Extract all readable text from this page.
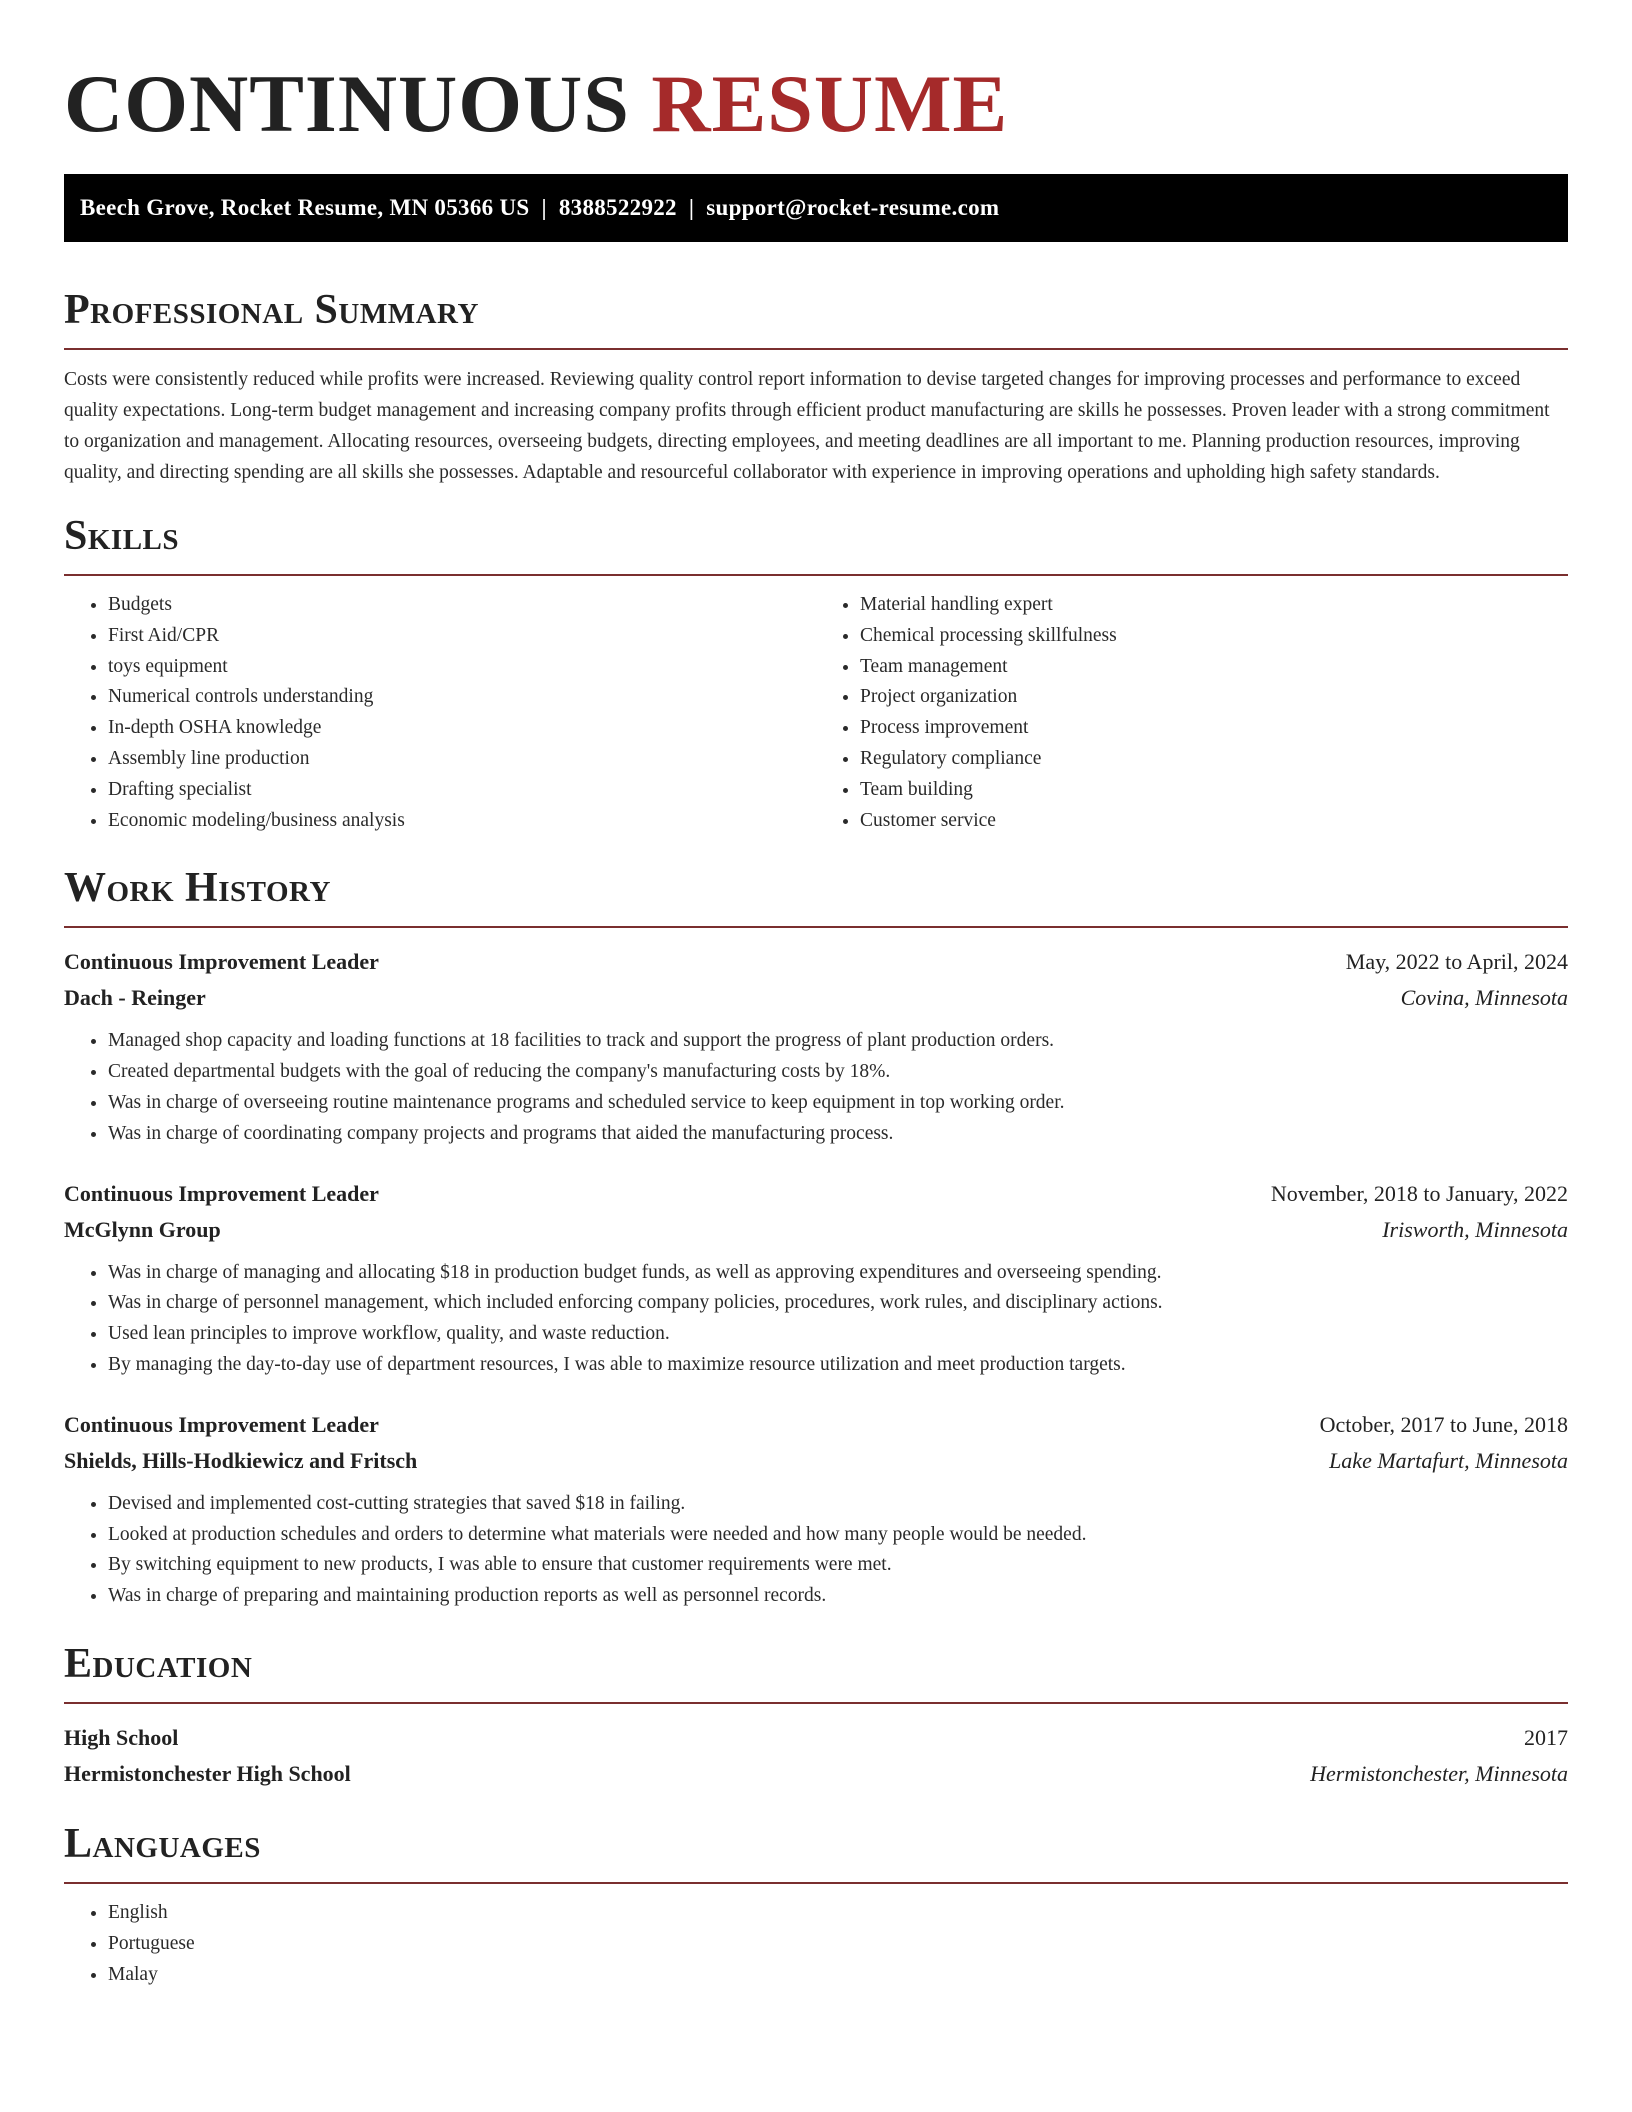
CONTINUOUS RESUME
Beech Grove, Rocket Resume, MN 05366 US | 8388522922 | support@rocket-resume.com
Professional Summary

Costs were consistently reduced while profits were increased. Reviewing quality control report information to devise targeted changes for improving processes and performance to exceed quality expectations. Long-term budget management and increasing company profits through efficient product manufacturing are skills he possesses. Proven leader with a strong commitment to organization and management. Allocating resources, overseeing budgets, directing employees, and meeting deadlines are all important to me. Planning production resources, improving quality, and directing spending are all skills she possesses. Adaptable and resourceful collaborator with experience in improving operations and upholding high safety standards.

Skills
• Budgets
• First Aid/CPR
• toys equipment
• Numerical controls understanding
• In-depth OSHA knowledge
• Assembly line production
• Drafting specialist
• Economic modeling/business analysis
• Material handling expert
• Chemical processing skillfulness
• Team management
• Project organization
• Process improvement
• Regulatory compliance
• Team building
• Customer service
Work History
Continuous Improvement Leader	May, 2022 to April, 2024
Dach - Reinger	Covina, Minnesota
• Managed shop capacity and loading functions at 18 facilities to track and support the progress of plant production orders.
• Created departmental budgets with the goal of reducing the company's manufacturing costs by 18%.
• Was in charge of overseeing routine maintenance programs and scheduled service to keep equipment in top working order.
• Was in charge of coordinating company projects and programs that aided the manufacturing process.
Continuous Improvement Leader	November, 2018 to January, 2022
McGlynn Group	Irisworth, Minnesota
• Was in charge of managing and allocating $18 in production budget funds, as well as approving expenditures and overseeing spending.
• Was in charge of personnel management, which included enforcing company policies, procedures, work rules, and disciplinary actions.
• Used lean principles to improve workflow, quality, and waste reduction.
• By managing the day-to-day use of department resources, I was able to maximize resource utilization and meet production targets.
Continuous Improvement Leader	October, 2017 to June, 2018
Shields, Hills-Hodkiewicz and Fritsch	Lake Martafurt, Minnesota
• Devised and implemented cost-cutting strategies that saved $18 in failing.
• Looked at production schedules and orders to determine what materials were needed and how many people would be needed.
• By switching equipment to new products, I was able to ensure that customer requirements were met.
• Was in charge of preparing and maintaining production reports as well as personnel records.
Education
High School	2017
Hermistonchester High School	Hermistonchester, Minnesota
Languages
• English
• Portuguese
• Malay
